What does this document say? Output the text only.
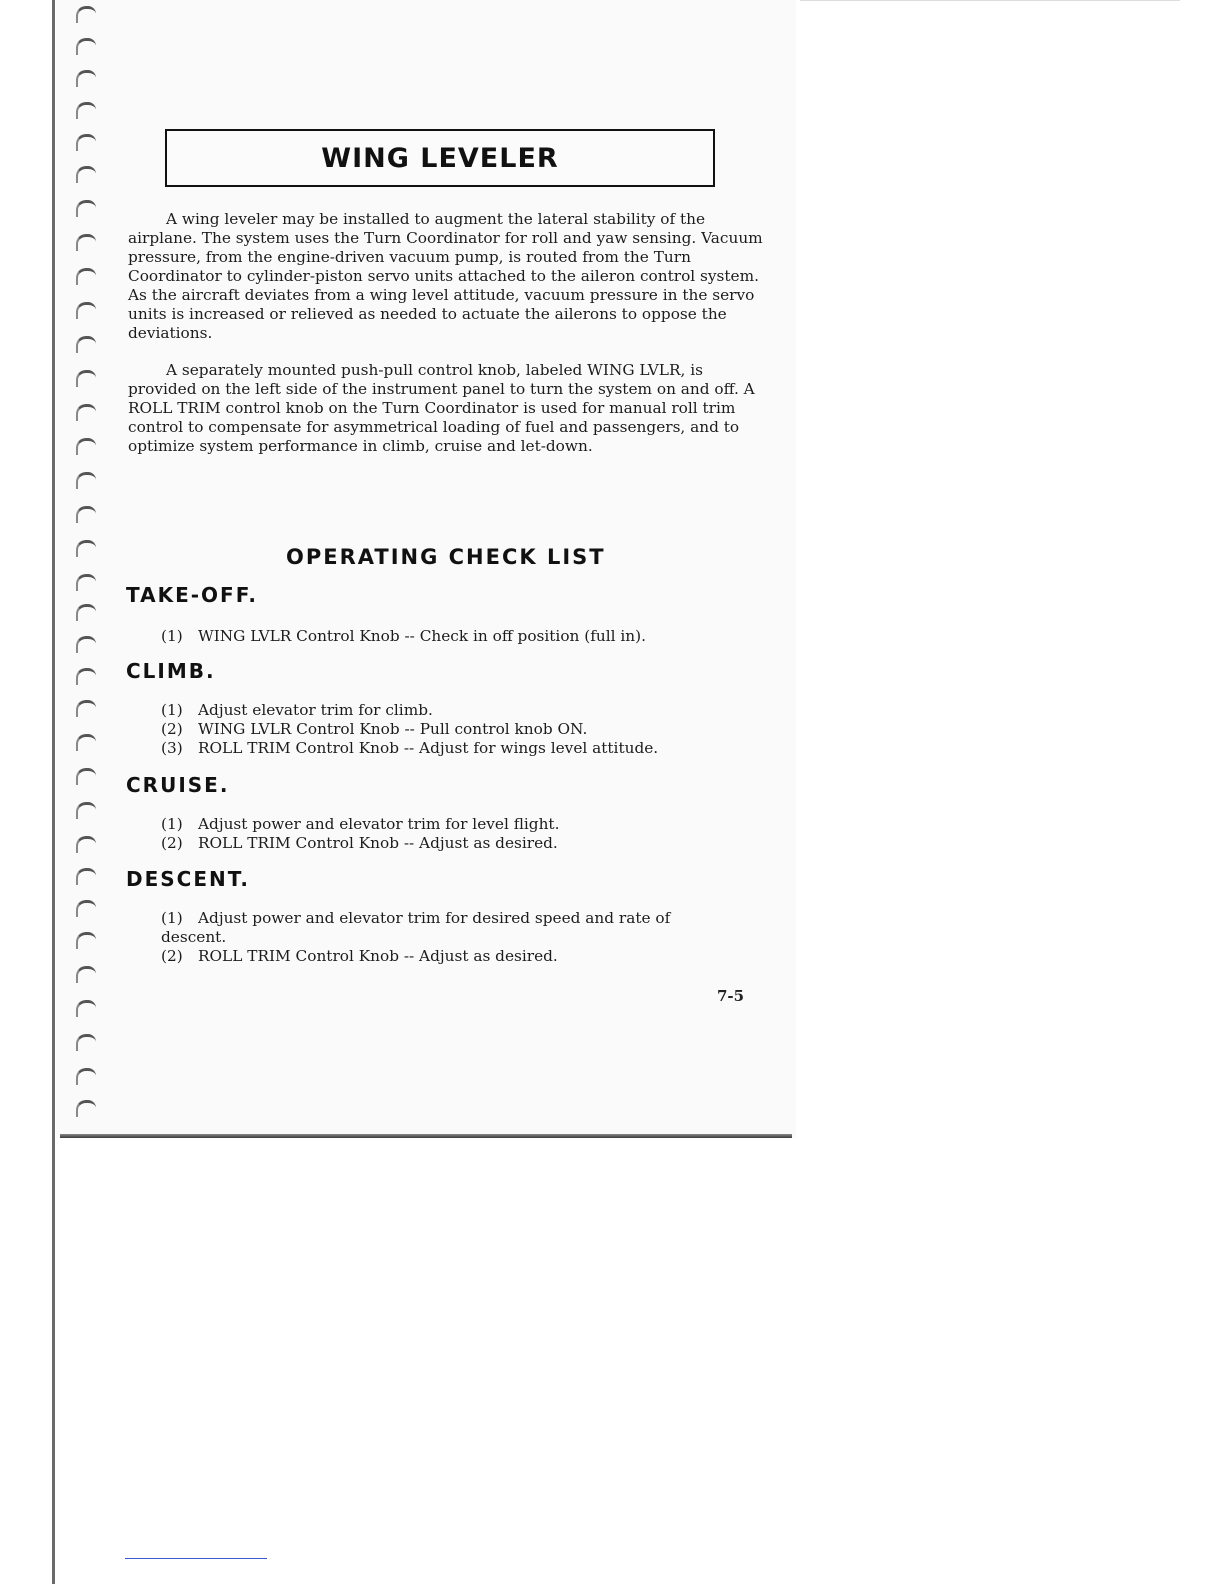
WING LEVELER

A wing leveler may be installed to augment the lateral stability of the airplane. The system uses the Turn Coordinator for roll and yaw sensing. Vacuum pressure, from the engine-driven vacuum pump, is routed from the Turn Coordinator to cylinder-piston servo units attached to the aileron control system. As the aircraft deviates from a wing level attitude, vacuum pressure in the servo units is increased or relieved as needed to actuate the ailerons to oppose the deviations.

A separately mounted push-pull control knob, labeled WING LVLR, is provided on the left side of the instrument panel to turn the system on and off. A ROLL TRIM control knob on the Turn Coordinator is used for manual roll trim control to compensate for asymmetrical loading of fuel and passengers, and to optimize system performance in climb, cruise and let-down.

OPERATING CHECK LIST
TAKE-OFF.
(1)	WING LVLR Control Knob -- Check in off position (full in).
CLIMB.
(1)	Adjust elevator trim for climb.
(2)	WING LVLR Control Knob -- Pull control knob ON.
(3)	ROLL TRIM Control Knob -- Adjust for wings level attitude.
CRUISE.
(1)	Adjust power and elevator trim for level flight.
(2)	ROLL TRIM Control Knob -- Adjust as desired.
DESCENT.
(1)	Adjust power and elevator trim for desired speed and rate of
descent.
(2)	ROLL TRIM Control Knob -- Adjust as desired.
7-5
